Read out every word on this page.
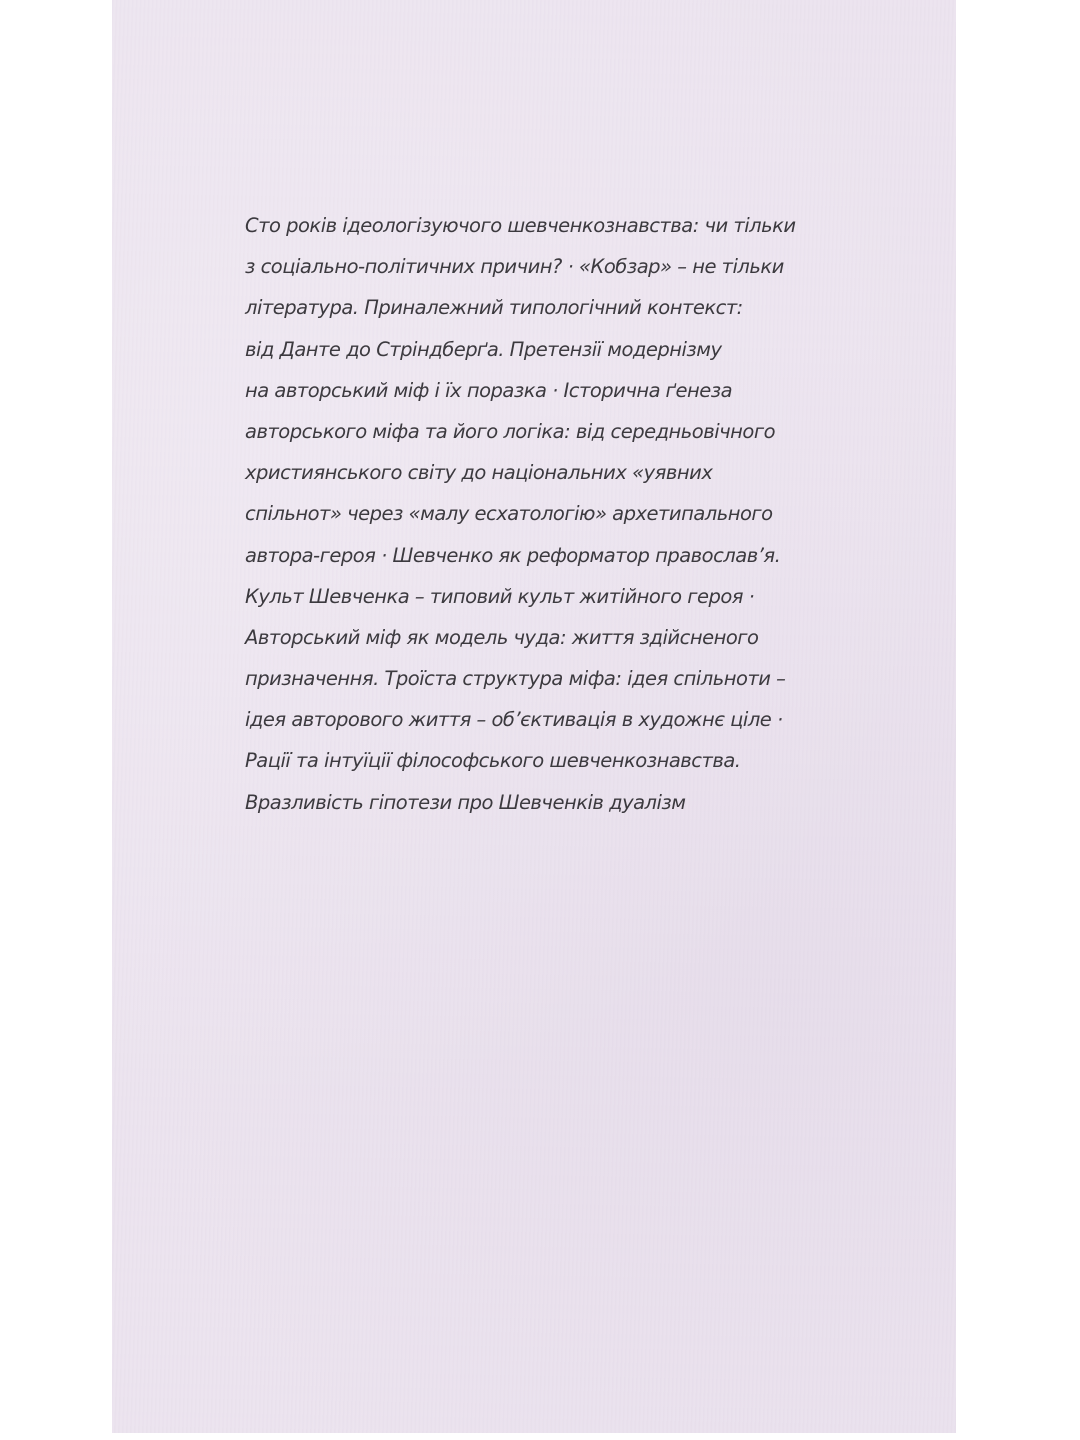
Сто років ідеологізуючого шевченкознавства: чи тільки
з соціально-політичних причин? · «Кобзар» – не тільки
література. Приналежний типологічний контекст:
від Данте до Стріндберґа. Претензії модернізму
на авторський міф і їх поразка · Історична ґенеза
авторського міфа та його логіка: від середньовічного
християнського світу до національних «уявних
спільнот» через «малу есхатологію» архетипального
автора-героя · Шевченко як реформатор православ’я.
Культ Шевченка – типовий культ житійного героя ·
Авторський міф як модель чуда: життя здійсненого
призначення. Троїста структура міфа: ідея спільноти –
ідея авторового життя – об’єктивація в художнє ціле ·
Раціï та інтуїції філософського шевченкознавства.
Вразливість гіпотези про Шевченків дуалізм
